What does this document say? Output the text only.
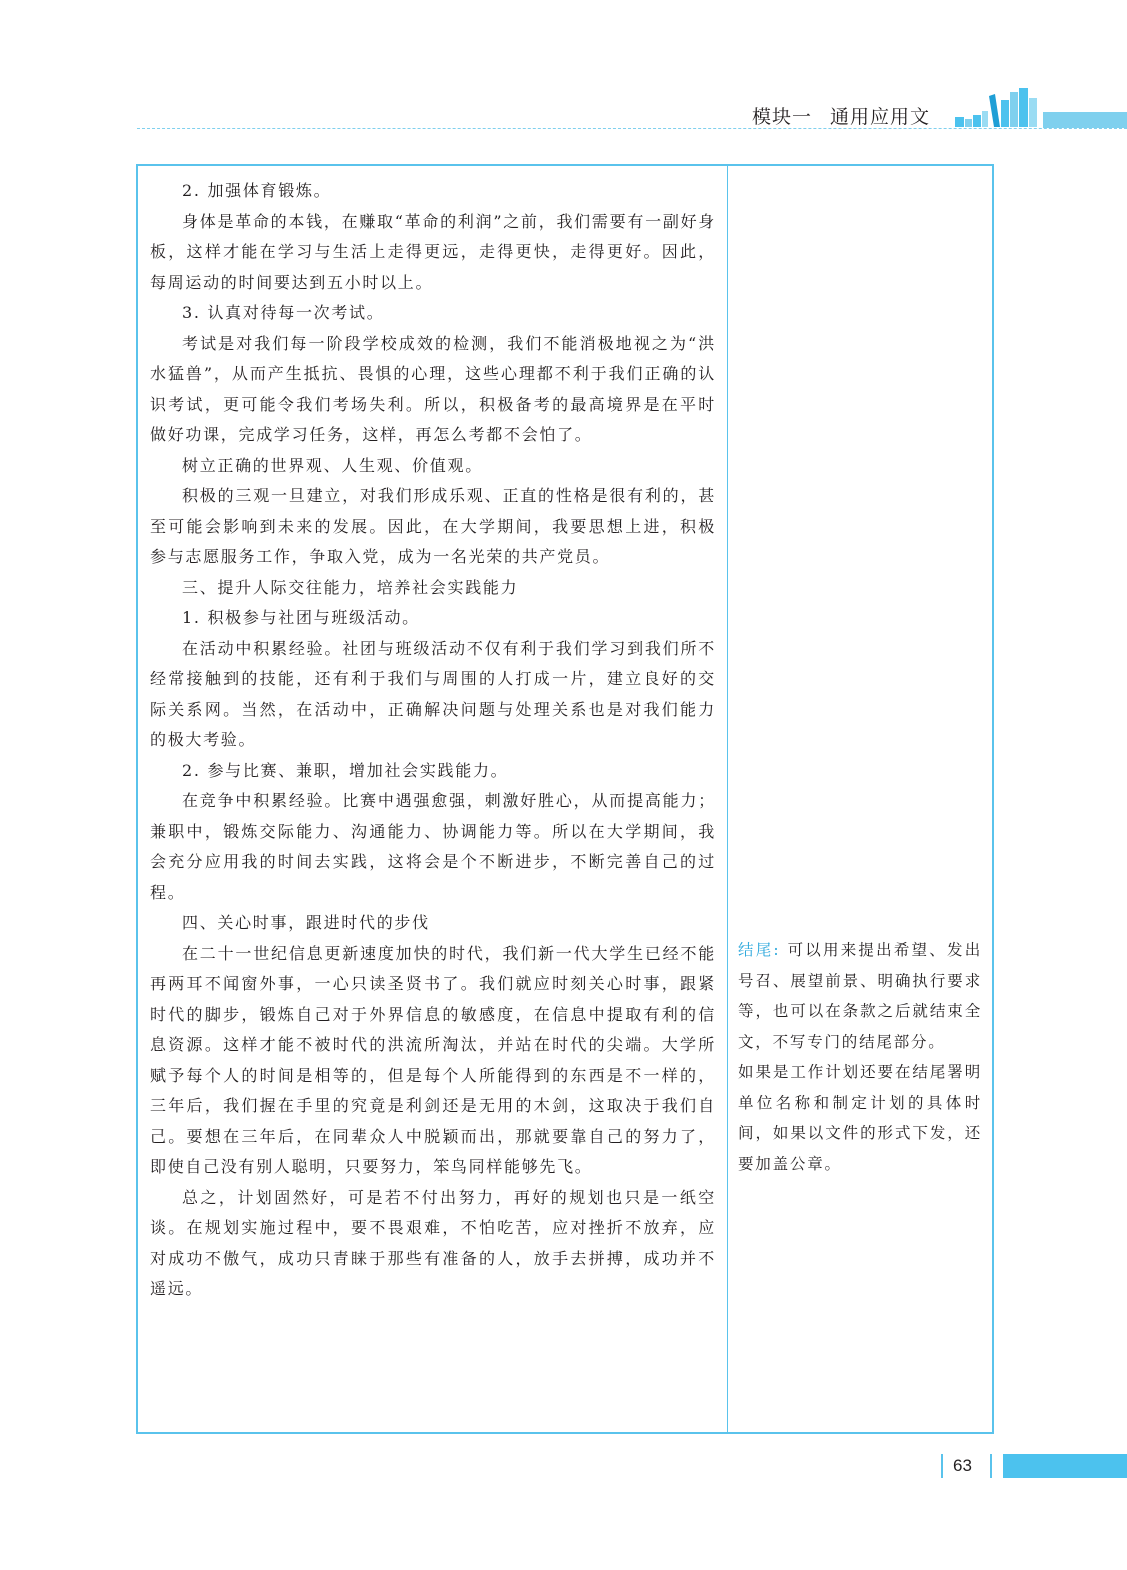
模块一 通用应用文

2. 加强体育锻炼。

身体是革命的本钱，在赚取“革命的利润”之前，我们需要有一副好身板，这样才能在学习与生活上走得更远，走得更快，走得更好。因此，每周运动的时间要达到五小时以上。

3. 认真对待每一次考试。

考试是对我们每一阶段学校成效的检测，我们不能消极地视之为“洪水猛兽”，从而产生抵抗、畏惧的心理，这些心理都不利于我们正确的认识考试，更可能令我们考场失利。所以，积极备考的最高境界是在平时做好功课，完成学习任务，这样，再怎么考都不会怕了。

树立正确的世界观、人生观、价值观。

积极的三观一旦建立，对我们形成乐观、正直的性格是很有利的，甚至可能会影响到未来的发展。因此，在大学期间，我要思想上进，积极参与志愿服务工作，争取入党，成为一名光荣的共产党员。

三、提升人际交往能力，培养社会实践能力

1. 积极参与社团与班级活动。

在活动中积累经验。社团与班级活动不仅有利于我们学习到我们所不经常接触到的技能，还有利于我们与周围的人打成一片，建立良好的交际关系网。当然，在活动中，正确解决问题与处理关系也是对我们能力的极大考验。

2. 参与比赛、兼职，增加社会实践能力。

在竞争中积累经验。比赛中遇强愈强，刺激好胜心，从而提高能力；兼职中，锻炼交际能力、沟通能力、协调能力等。所以在大学期间，我会充分应用我的时间去实践，这将会是个不断进步，不断完善自己的过程。

四、关心时事，跟进时代的步伐

在二十一世纪信息更新速度加快的时代，我们新一代大学生已经不能再两耳不闻窗外事，一心只读圣贤书了。我们就应时刻关心时事，跟紧时代的脚步，锻炼自己对于外界信息的敏感度，在信息中提取有利的信息资源。这样才能不被时代的洪流所淘汰，并站在时代的尖端。大学所赋予每个人的时间是相等的，但是每个人所能得到的东西是不一样的，三年后，我们握在手里的究竟是利剑还是无用的木剑，这取决于我们自己。要想在三年后，在同辈众人中脱颖而出，那就要靠自己的努力了，即使自己没有别人聪明，只要努力，笨鸟同样能够先飞。

总之，计划固然好，可是若不付出努力，再好的规划也只是一纸空谈。在规划实施过程中，要不畏艰难，不怕吃苦，应对挫折不放弃，应对成功不傲气，成功只青睐于那些有准备的人，放手去拼搏，成功并不遥远。

结尾: 可以用来提出希望、发出号召、展望前景、明确执行要求等，也可以在条款之后就结束全文，不写专门的结尾部分。

如果是工作计划还要在结尾署明单位名称和制定计划的具体时间，如果以文件的形式下发，还要加盖公章。

63
